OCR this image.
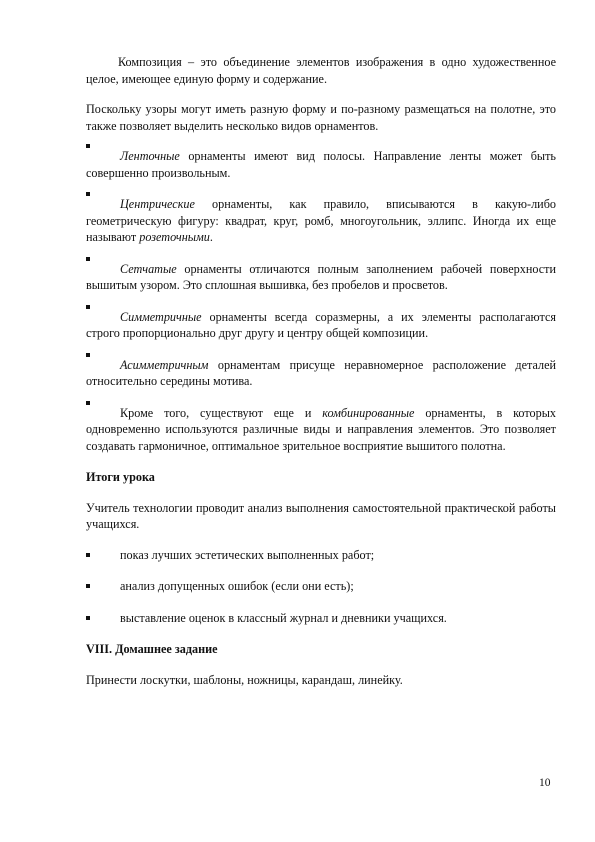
Композиция – это объединение элементов изображения в одно художественное целое, имеющее единую форму и содержание.

Поскольку узоры могут иметь разную форму и по-разному размещаться на полотне, это также позволяет выделить несколько видов орнаментов.

Ленточные орнаменты имеют вид полосы. Направление ленты может быть совершенно произвольным.

Центрические орнаменты, как правило, вписываются в какую-либо геометрическую фигуру: квадрат, круг, ромб, многоугольник, эллипс. Иногда их еще называют розеточными.

Сетчатые орнаменты отличаются полным заполнением рабочей поверхности вышитым узором. Это сплошная вышивка, без пробелов и просветов.

Симметричные орнаменты всегда соразмерны, а их элементы располагаются строго пропорционально друг другу и центру общей композиции.

Асимметричным орнаментам присуще неравномерное расположение деталей относительно середины мотива.

Кроме того, существуют еще и комбинированные орнаменты, в которых одновременно используются различные виды и направления элементов. Это позволяет создавать гармоничное, оптимальное зрительное восприятие вышитого полотна.

Итоги урока

Учитель технологии проводит анализ выполнения самостоятельной практической работы учащихся.

показ лучших эстетических выполненных работ;

анализ допущенных ошибок (если они есть);

выставление оценок в классный журнал и дневники учащихся.

VIII. Домашнее задание

Принести лоскутки, шаблоны, ножницы, карандаш, линейку.

10
